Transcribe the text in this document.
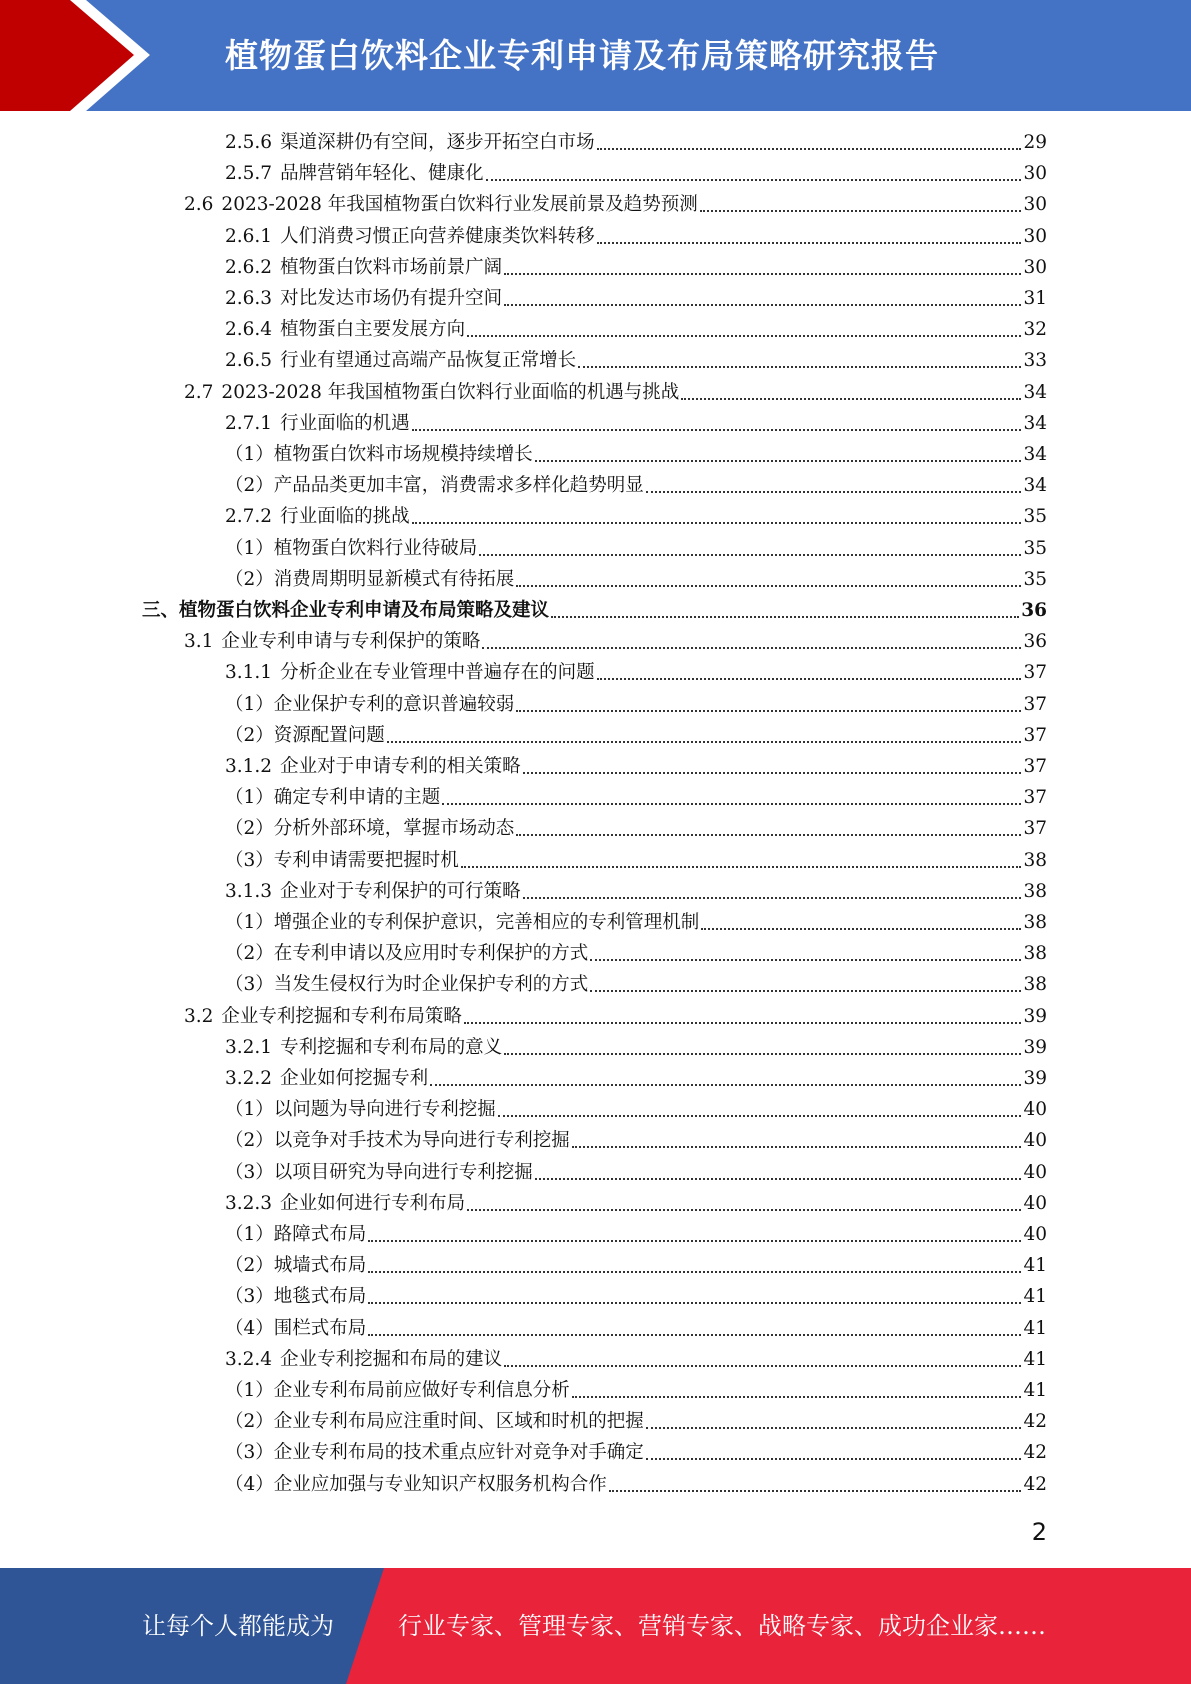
植物蛋白饮料企业专利申请及布局策略研究报告
2.5.6 渠道深耕仍有空间，逐步开拓空白市场	29
2.5.7 品牌营销年轻化、健康化	30
2.6 2023-2028 年我国植物蛋白饮料行业发展前景及趋势预测	30
2.6.1 人们消费习惯正向营养健康类饮料转移	30
2.6.2 植物蛋白饮料市场前景广阔	30
2.6.3 对比发达市场仍有提升空间	31
2.6.4 植物蛋白主要发展方向	32
2.6.5 行业有望通过高端产品恢复正常增长	33
2.7 2023-2028 年我国植物蛋白饮料行业面临的机遇与挑战	34
2.7.1 行业面临的机遇	34
（1） 植物蛋白饮料市场规模持续增长	34
（2） 产品品类更加丰富，消费需求多样化趋势明显	34
2.7.2 行业面临的挑战	35
（1） 植物蛋白饮料行业待破局	35
（2） 消费周期明显新模式有待拓展	35
三、 植物蛋白饮料企业专利申请及布局策略及建议	36
3.1 企业专利申请与专利保护的策略	36
3.1.1 分析企业在专业管理中普遍存在的问题	37
（1） 企业保护专利的意识普遍较弱	37
（2） 资源配置问题	37
3.1.2 企业对于申请专利的相关策略	37
（1） 确定专利申请的主题	37
（2） 分析外部环境，掌握市场动态	37
（3） 专利申请需要把握时机	38
3.1.3 企业对于专利保护的可行策略	38
（1） 增强企业的专利保护意识，完善相应的专利管理机制	38
（2） 在专利申请以及应用时专利保护的方式	38
（3） 当发生侵权行为时企业保护专利的方式	38
3.2 企业专利挖掘和专利布局策略	39
3.2.1 专利挖掘和专利布局的意义	39
3.2.2 企业如何挖掘专利	39
（1） 以问题为导向进行专利挖掘	40
（2） 以竞争对手技术为导向进行专利挖掘	40
（3） 以项目研究为导向进行专利挖掘	40
3.2.3 企业如何进行专利布局	40
（1） 路障式布局	40
（2） 城墙式布局	41
（3） 地毯式布局	41
（4） 围栏式布局	41
3.2.4 企业专利挖掘和布局的建议	41
（1） 企业专利布局前应做好专利信息分析	41
（2） 企业专利布局应注重时间、区域和时机的把握	42
（3） 企业专利布局的技术重点应针对竞争对手确定	42
（4） 企业应加强与专业知识产权服务机构合作	42
2
让每个人都能成为	行业专家、管理专家、营销专家、战略专家、成功企业家……
